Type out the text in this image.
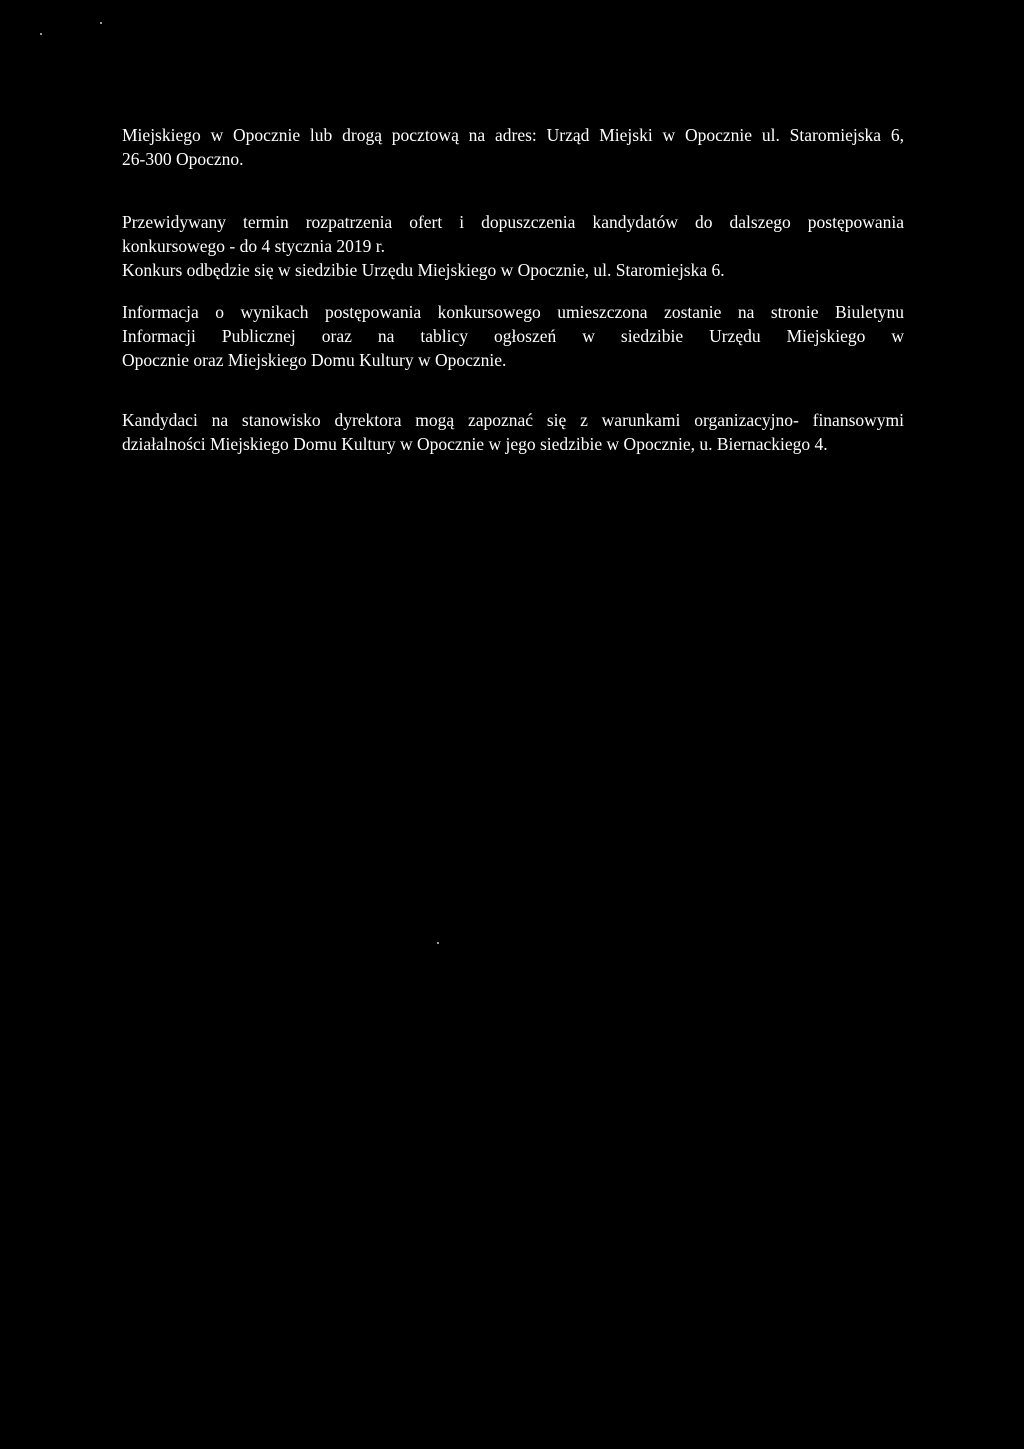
Miejskiego w Opocznie lub drogą pocztową na adres: Urząd Miejski w Opocznie ul. Staromiejska 6,
26-300 Opoczno.

Przewidywany termin rozpatrzenia ofert i dopuszczenia kandydatów do dalszego postępowania
konkursowego - do 4 stycznia 2019 r.
Konkurs odbędzie się w siedzibie Urzędu Miejskiego w Opocznie, ul. Staromiejska 6.

Informacja o wynikach postępowania konkursowego umieszczona zostanie na stronie Biuletynu
Informacji Publicznej oraz na tablicy ogłoszeń w siedzibie Urzędu Miejskiego w
Opocznie oraz Miejskiego Domu Kultury w Opocznie.

Kandydaci na stanowisko dyrektora mogą zapoznać się z warunkami organizacyjno- finansowymi
działalności Miejskiego Domu Kultury w Opocznie w jego siedzibie w Opocznie, u. Biernackiego 4.
